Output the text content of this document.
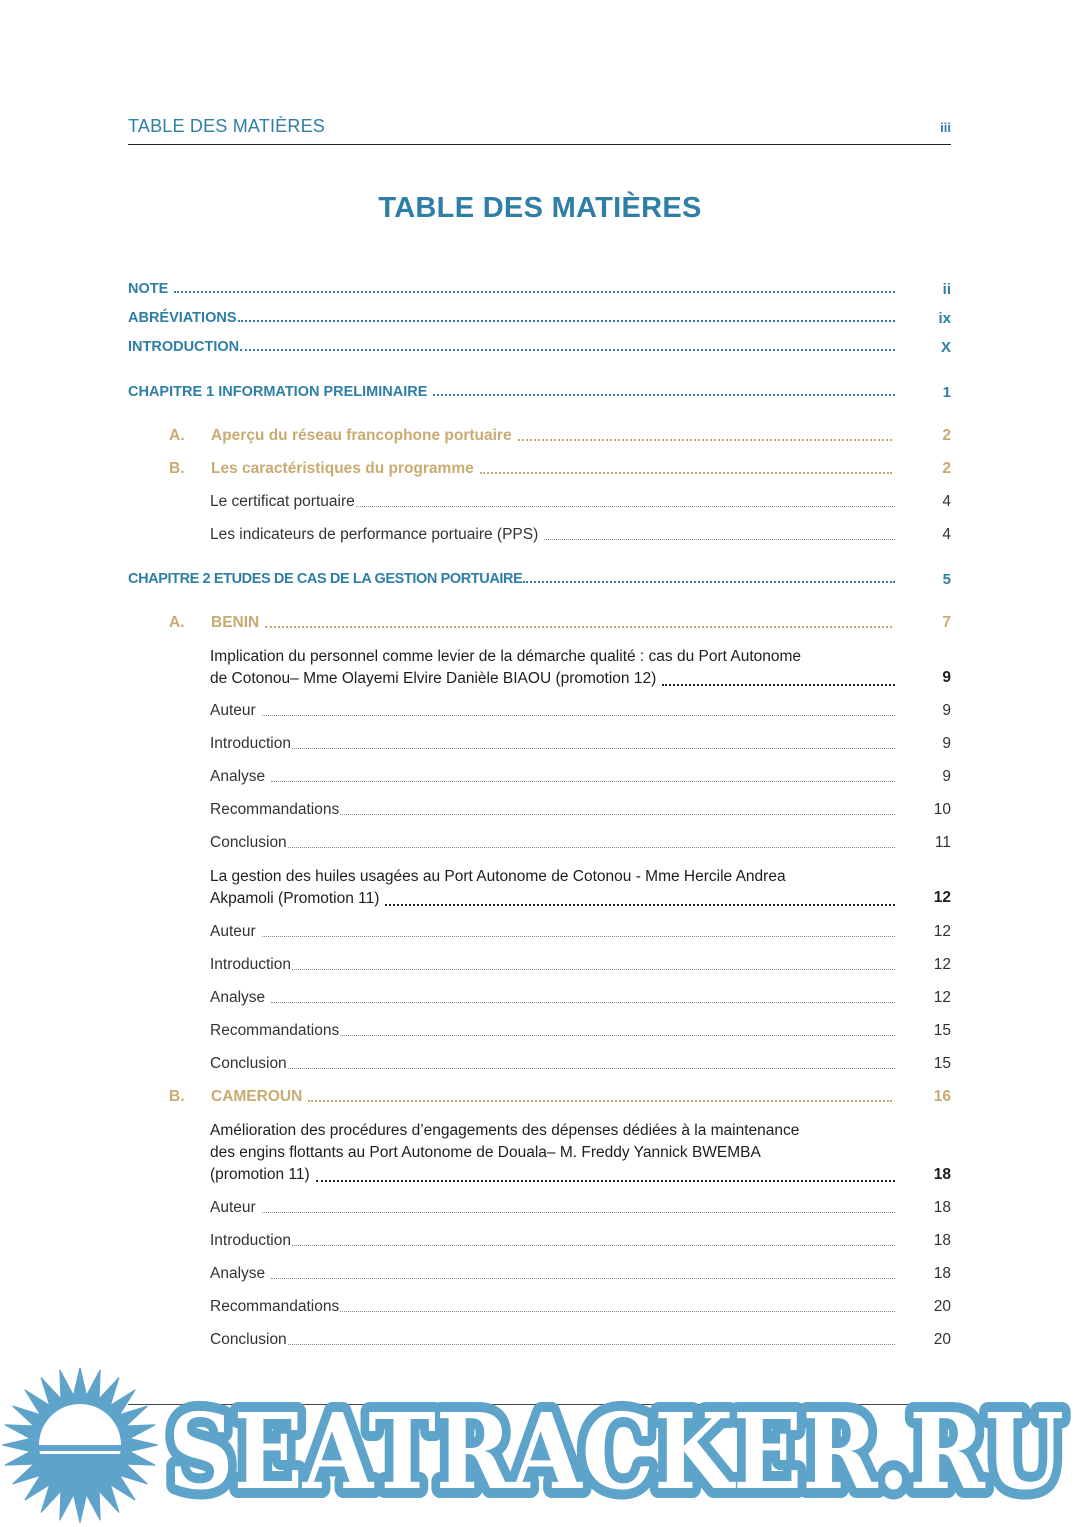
TABLE DES MATIÈRES	iii
TABLE DES MATIÈRES
NOTE	ii
ABRÉVIATIONS	ix
INTRODUCTION	X
CHAPITRE 1 INFORMATION PRELIMINAIRE	1
A.	Aperçu du réseau francophone portuaire	2
B.	Les caractéristiques du programme	2
Le certificat portuaire	4
Les indicateurs de performance portuaire (PPS)	4
CHAPITRE 2 ETUDES DE CAS DE LA GESTION PORTUAIRE	5
A.	BENIN	7
Implication du personnel comme levier de la démarche qualité : cas du Port Autonome
de Cotonou– Mme Olayemi Elvire Danièle BIAOU (promotion 12)	9
Auteur	9
Introduction	9
Analyse	9
Recommandations	10
Conclusion	11
La gestion des huiles usagées au Port Autonome de Cotonou - Mme Hercile Andrea
Akpamoli (Promotion 11)	12
Auteur	12
Introduction	12
Analyse	12
Recommandations	15
Conclusion	15
B.	CAMEROUN	16
Amélioration des procédures d’engagements des dépenses dédiées à la maintenance
des engins flottants au Port Autonome de Douala– M. Freddy Yannick BWEMBA
(promotion 11)	18
Auteur	18
Introduction	18
Analyse	18
Recommandations	20
Conclusion	20
SEATRACKER.RU
